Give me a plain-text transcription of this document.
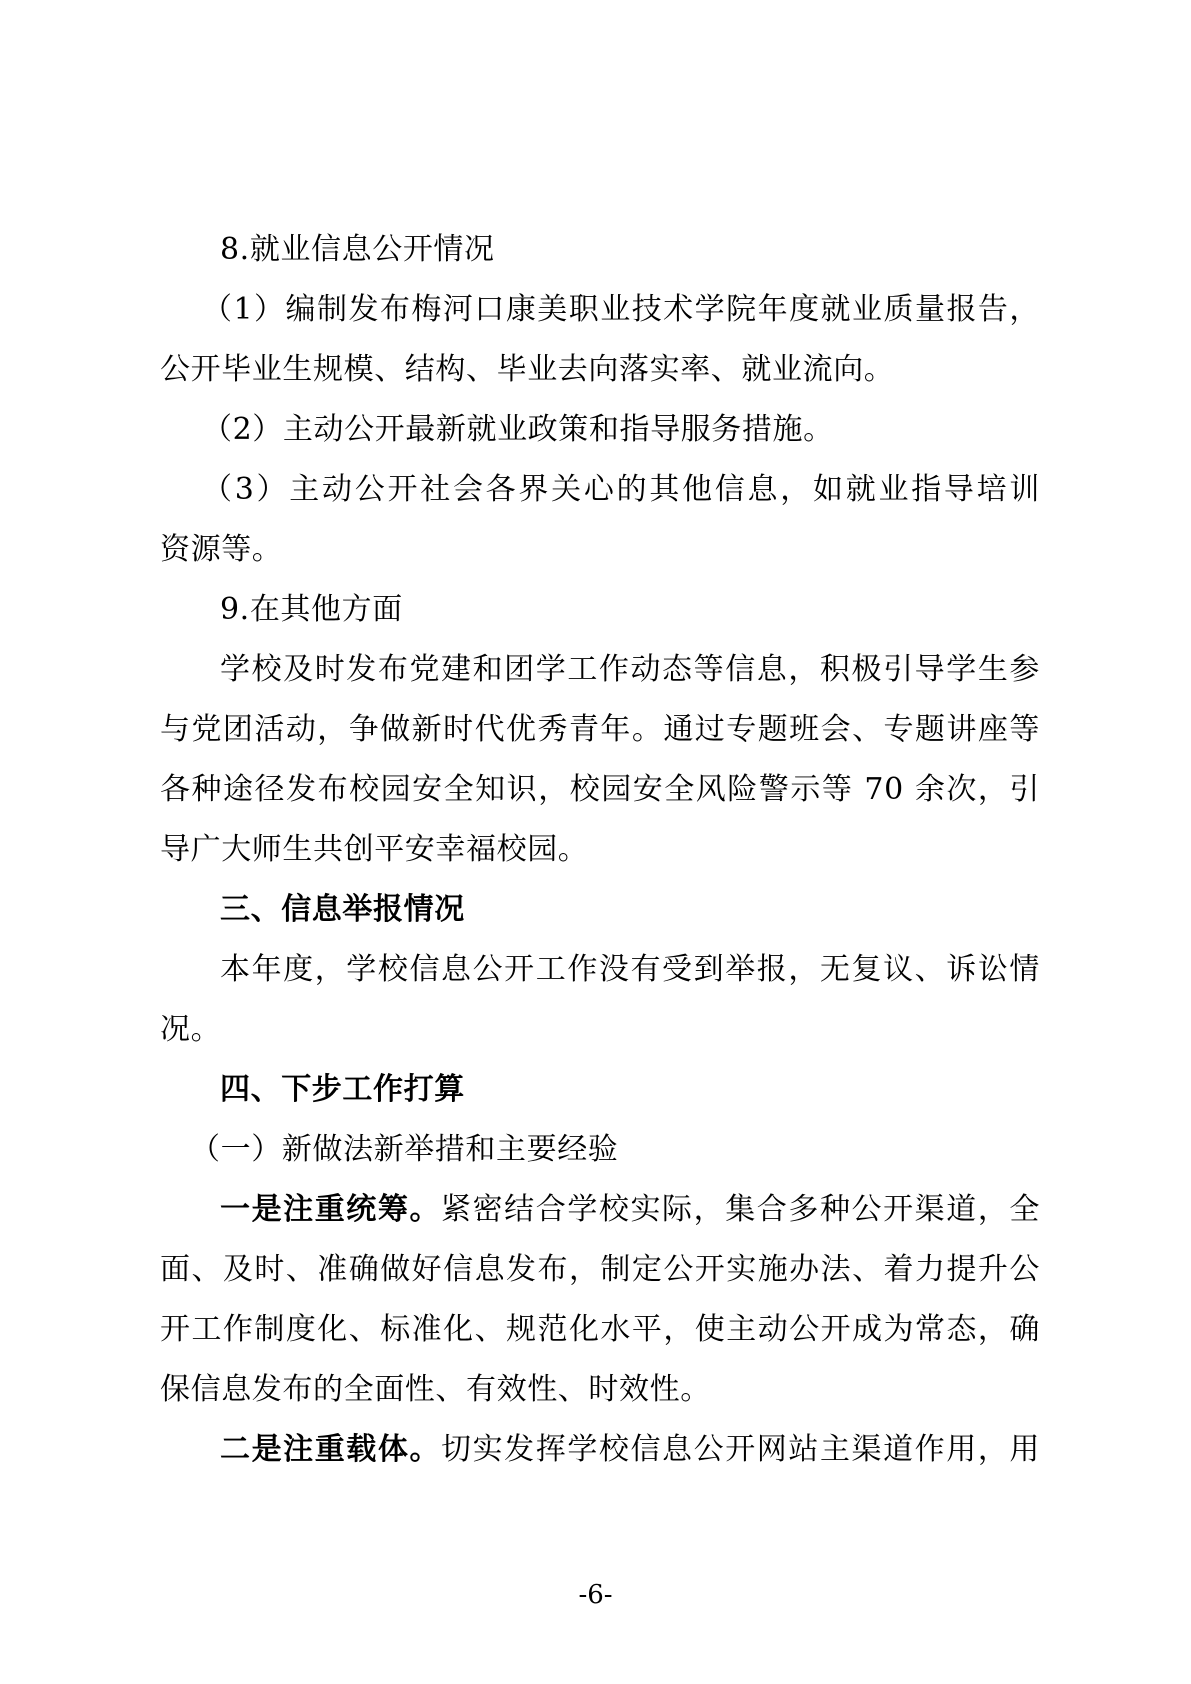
8.就业信息公开情况
（1）编制发布梅河口康美职业技术学院年度就业质量报告，
公开毕业生规模、结构、毕业去向落实率、就业流向。
（2）主动公开最新就业政策和指导服务措施。
（3）主动公开社会各界关心的其他信息，如就业指导培训
资源等。
9.在其他方面
学校及时发布党建和团学工作动态等信息，积极引导学生参
与党团活动，争做新时代优秀青年。通过专题班会、专题讲座等
各种途径发布校园安全知识，校园安全风险警示等 70 余次，引
导广大师生共创平安幸福校园。
三、信息举报情况
本年度，学校信息公开工作没有受到举报，无复议、诉讼情
况。
四、下步工作打算
（一）新做法新举措和主要经验
一是注重统筹。紧密结合学校实际，集合多种公开渠道，全
面、及时、准确做好信息发布，制定公开实施办法、着力提升公
开工作制度化、标准化、规范化水平，使主动公开成为常态，确
保信息发布的全面性、有效性、时效性。
二是注重载体。切实发挥学校信息公开网站主渠道作用，用
-6-
